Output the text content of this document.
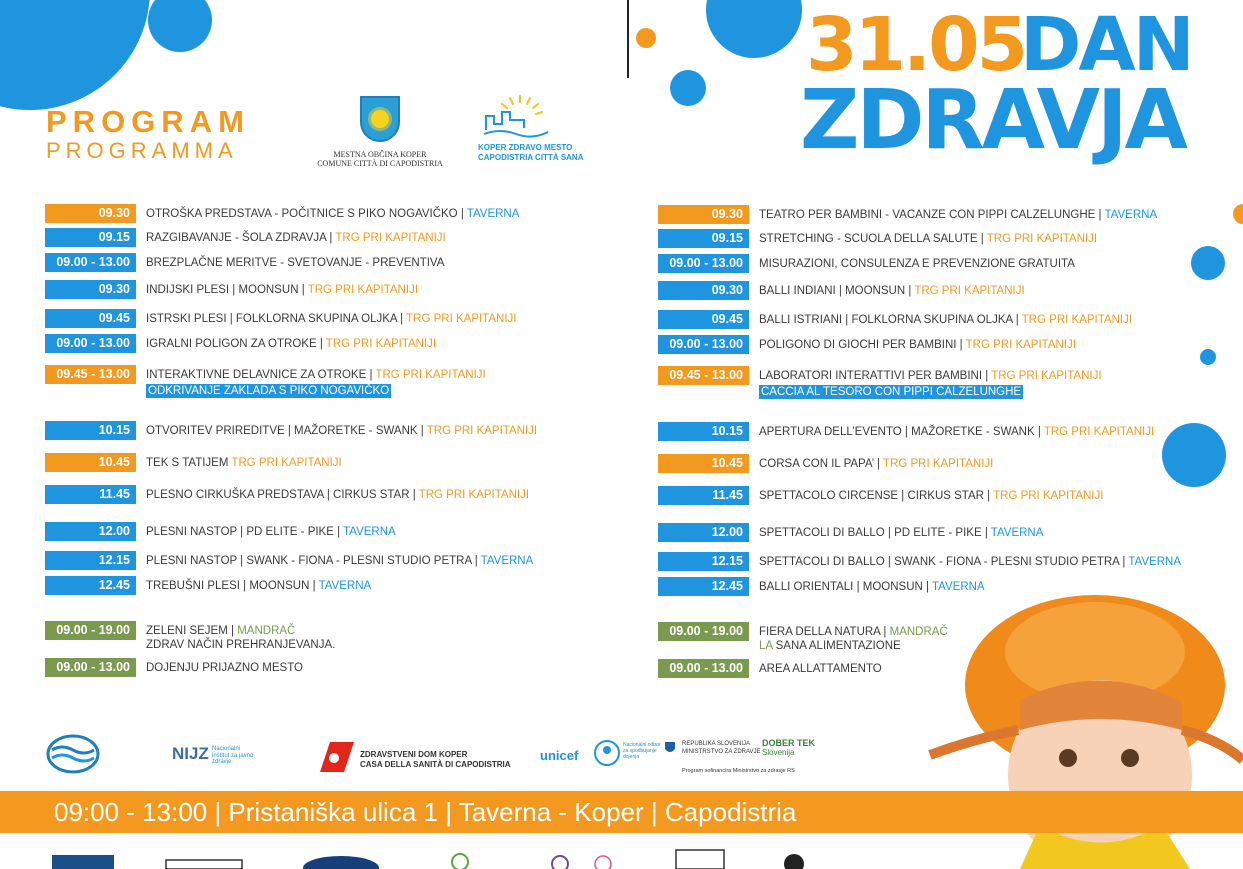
31.05
DAN
ZDRAVJA
PROGRAM
PROGRAMMA	MESTNA OBČINA KOPER
COMUNE CITTÀ DI CAPODISTRIA
KOPER ZDRAVO MESTO
CAPODISTRIA CITTÀ SANA
09.30	OTROŠKA PREDSTAVA - POČITNICE S PIKO NOGAVIČKO | TAVERNA
09.15	RAZGIBAVANJE - ŠOLA ZDRAVJA | TRG PRI KAPITANIJI
09.00 - 13.00	BREZPLAČNE MERITVE - SVETOVANJE - PREVENTIVA
09.30	INDIJSKI PLESI | MOONSUN | TRG PRI KAPITANIJI
09.45	ISTRSKI PLESI | FOLKLORNA SKUPINA OLJKA | TRG PRI KAPITANIJI
09.00 - 13.00	IGRALNI POLIGON ZA OTROKE | TRG PRI KAPITANIJI
09.45 - 13.00	INTERAKTIVNE DELAVNICE ZA OTROKE | TRG PRI KAPITANIJI
ODKRIVANJE ZAKLADA S PIKO NOGAVIČKO
10.15	OTVORITEV PRIREDITVE | MAŽORETKE - SWANK | TRG PRI KAPITANIJI
10.45	TEK S TATIJEM TRG PRI KAPITANIJI
11.45	PLESNO CIRKUŠKA PREDSTAVA | CIRKUS STAR | TRG PRI KAPITANIJI
12.00	PLESNI NASTOP | PD ELITE - PIKE | TAVERNA
12.15	PLESNI NASTOP | SWANK - FIONA - PLESNI STUDIO PETRA | TAVERNA
12.45	TREBUŠNI PLESI | MOONSUN | TAVERNA
09.00 - 19.00	ZELENI SEJEM | MANDRAČ
ZDRAV NAČIN PREHRANJEVANJA.
09.00 - 13.00	DOJENJU PRIJAZNO MESTO
09.30	TEATRO PER BAMBINI - VACANZE CON PIPPI CALZELUNGHE | TAVERNA
09.15	STRETCHING - SCUOLA DELLA SALUTE | TRG PRI KAPITANIJI
09.00 - 13.00	MISURAZIONI, CONSULENZA E PREVENZIONE GRATUITA
09.30	BALLI INDIANI | MOONSUN | TRG PRI KAPITANIJI
09.45	BALLI ISTRIANI | FOLKLORNA SKUPINA OLJKA | TRG PRI KAPITANIJI
09.00 - 13.00	POLIGONO DI GIOCHI PER BAMBINI | TRG PRI KAPITANIJI
09.45 - 13.00	LABORATORI INTERATTIVI PER BAMBINI | TRG PRI KAPITANIJI
CACCIA AL TESORO CON PIPPI CALZELUNGHE
10.15	APERTURA DELL’EVENTO | MAŽORETKE - SWANK | TRG PRI KAPITANIJI
10.45	CORSA CON IL PAPA’ | TRG PRI KAPITANIJI
11.45	SPETTACOLO CIRCENSE | CIRKUS STAR | TRG PRI KAPITANIJI
12.00	SPETTACOLI DI BALLO | PD ELITE - PIKE | TAVERNA
12.15	SPETTACOLI DI BALLO | SWANK - FIONA - PLESNI STUDIO PETRA | TAVERNA
12.45	BALLI ORIENTALI | MOONSUN | TAVERNA
09.00 - 19.00	FIERA DELLA NATURA | MANDRAČ
LA SANA ALIMENTAZIONE
09.00 - 13.00	AREA ALLATTAMENTO
NIJZ Nacionalni inštitut za javno zdravje
ZDRAVSTVENI DOM KOPER
CASA DELLA SANITÀ DI CAPODISTRIA
unicef
Nacionalni odbor za spodbujanje dojenja
REPUBLIKA SLOVENIJA
MINISTRSTVO ZA ZDRAVJE
DOBER TEK
Slovenija
Program sofinancira Ministrstvo za zdravje RS
09:00 - 13:00 | Pristaniška ulica 1 | Taverna - Koper | Capodistria
